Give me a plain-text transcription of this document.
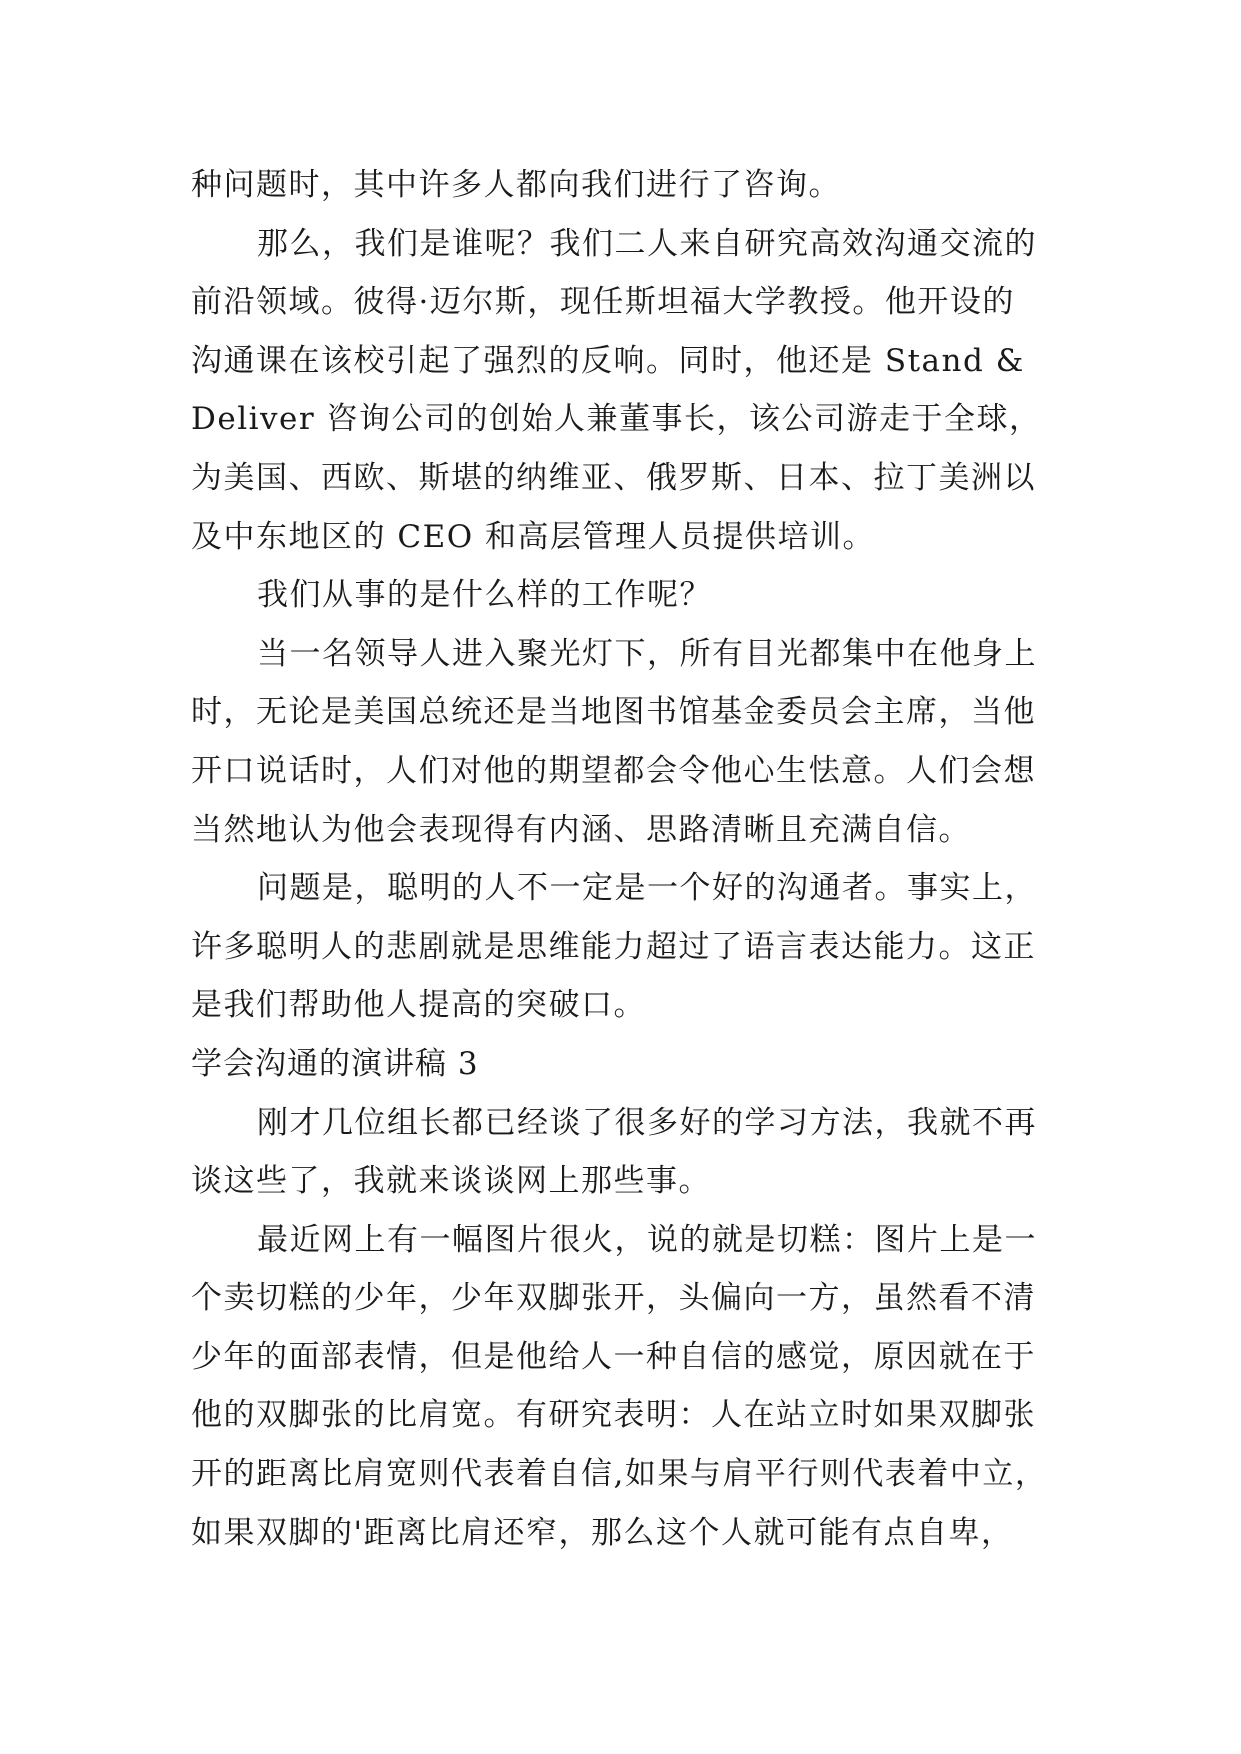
种问题时，其中许多人都向我们进行了咨询。
那么，我们是谁呢？我们二人来自研究高效沟通交流的
前沿领域。彼得·迈尔斯，现任斯坦福大学教授。他开设的
沟通课在该校引起了强烈的反响。同时，他还是 Stand &
Deliver 咨询公司的创始人兼董事长，该公司游走于全球，
为美国、西欧、斯堪的纳维亚、俄罗斯、日本、拉丁美洲以
及中东地区的 CEO 和高层管理人员提供培训。
我们从事的是什么样的工作呢？
当一名领导人进入聚光灯下，所有目光都集中在他身上
时，无论是美国总统还是当地图书馆基金委员会主席，当他
开口说话时，人们对他的期望都会令他心生怯意。人们会想
当然地认为他会表现得有内涵、思路清晰且充满自信。
问题是，聪明的人不一定是一个好的沟通者。事实上，
许多聪明人的悲剧就是思维能力超过了语言表达能力。这正
是我们帮助他人提高的突破口。
学会沟通的演讲稿 3
刚才几位组长都已经谈了很多好的学习方法，我就不再
谈这些了，我就来谈谈网上那些事。
最近网上有一幅图片很火，说的就是切糕：图片上是一
个卖切糕的少年，少年双脚张开，头偏向一方，虽然看不清
少年的面部表情，但是他给人一种自信的感觉，原因就在于
他的双脚张的比肩宽。有研究表明：人在站立时如果双脚张
开的距离比肩宽则代表着自信,如果与肩平行则代表着中立，
如果双脚的'距离比肩还窄，那么这个人就可能有点自卑，
